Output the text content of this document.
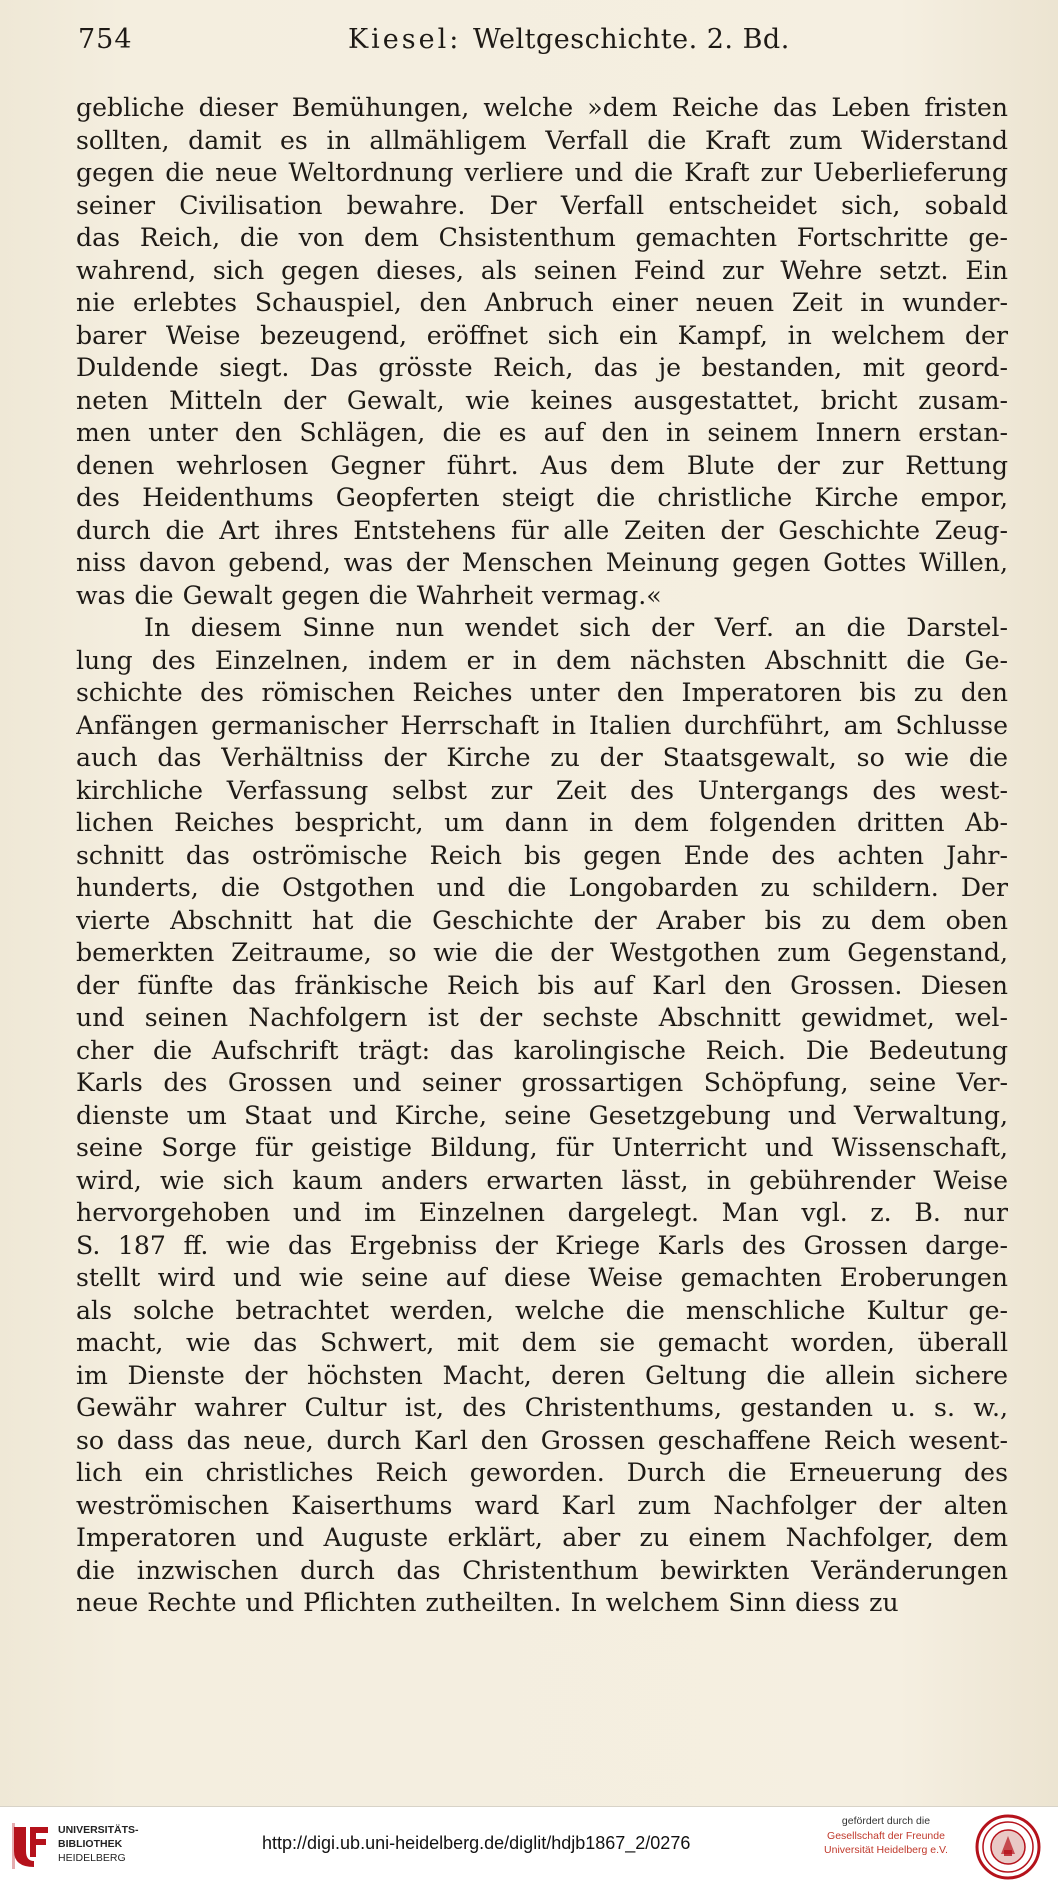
754	Kiesel: Weltgeschichte. 2. Bd.
gebliche dieser Bemühungen, welche »dem Reiche das Leben fristen
sollten, damit es in allmähligem Verfall die Kraft zum Widerstand
gegen die neue Weltordnung verliere und die Kraft zur Ueberlieferung
seiner Civilisation bewahre. Der Verfall entscheidet sich, sobald
das Reich, die von dem Chsistenthum gemachten Fortschritte ge-
wahrend, sich gegen dieses, als seinen Feind zur Wehre setzt. Ein
nie erlebtes Schauspiel, den Anbruch einer neuen Zeit in wunder-
barer Weise bezeugend, eröffnet sich ein Kampf, in welchem der
Duldende siegt. Das grösste Reich, das je bestanden, mit geord-
neten Mitteln der Gewalt, wie keines ausgestattet, bricht zusam-
men unter den Schlägen, die es auf den in seinem Innern erstan-
denen wehrlosen Gegner führt. Aus dem Blute der zur Rettung
des Heidenthums Geopferten steigt die christliche Kirche empor,
durch die Art ihres Entstehens für alle Zeiten der Geschichte Zeug-
niss davon gebend, was der Menschen Meinung gegen Gottes Willen,
was die Gewalt gegen die Wahrheit vermag.«
In diesem Sinne nun wendet sich der Verf. an die Darstel-
lung des Einzelnen, indem er in dem nächsten Abschnitt die Ge-
schichte des römischen Reiches unter den Imperatoren bis zu den
Anfängen germanischer Herrschaft in Italien durchführt, am Schlusse
auch das Verhältniss der Kirche zu der Staatsgewalt, so wie die
kirchliche Verfassung selbst zur Zeit des Untergangs des west-
lichen Reiches bespricht, um dann in dem folgenden dritten Ab-
schnitt das oströmische Reich bis gegen Ende des achten Jahr-
hunderts, die Ostgothen und die Longobarden zu schildern. Der
vierte Abschnitt hat die Geschichte der Araber bis zu dem oben
bemerkten Zeitraume, so wie die der Westgothen zum Gegenstand,
der fünfte das fränkische Reich bis auf Karl den Grossen. Diesen
und seinen Nachfolgern ist der sechste Abschnitt gewidmet, wel-
cher die Aufschrift trägt: das karolingische Reich. Die Bedeutung
Karls des Grossen und seiner grossartigen Schöpfung, seine Ver-
dienste um Staat und Kirche, seine Gesetzgebung und Verwaltung,
seine Sorge für geistige Bildung, für Unterricht und Wissenschaft,
wird, wie sich kaum anders erwarten lässt, in gebührender Weise
hervorgehoben und im Einzelnen dargelegt. Man vgl. z. B. nur
S. 187 ff. wie das Ergebniss der Kriege Karls des Grossen darge-
stellt wird und wie seine auf diese Weise gemachten Eroberungen
als solche betrachtet werden, welche die menschliche Kultur ge-
macht, wie das Schwert, mit dem sie gemacht worden, überall
im Dienste der höchsten Macht, deren Geltung die allein sichere
Gewähr wahrer Cultur ist, des Christenthums, gestanden u. s. w.,
so dass das neue, durch Karl den Grossen geschaffene Reich wesent-
lich ein christliches Reich geworden. Durch die Erneuerung des
weströmischen Kaiserthums ward Karl zum Nachfolger der alten
Imperatoren und Auguste erklärt, aber zu einem Nachfolger, dem
die inzwischen durch das Christenthum bewirkten Veränderungen
neue Rechte und Pflichten zutheilten. In welchem Sinn diess zu
UNIVERSITÄTS-
BIBLIOTHEK
HEIDELBERG
http://digi.ub.uni-heidelberg.de/diglit/hdjb1867_2/0276
gefördert durch die
Gesellschaft der Freunde
Universität Heidelberg e.V.
